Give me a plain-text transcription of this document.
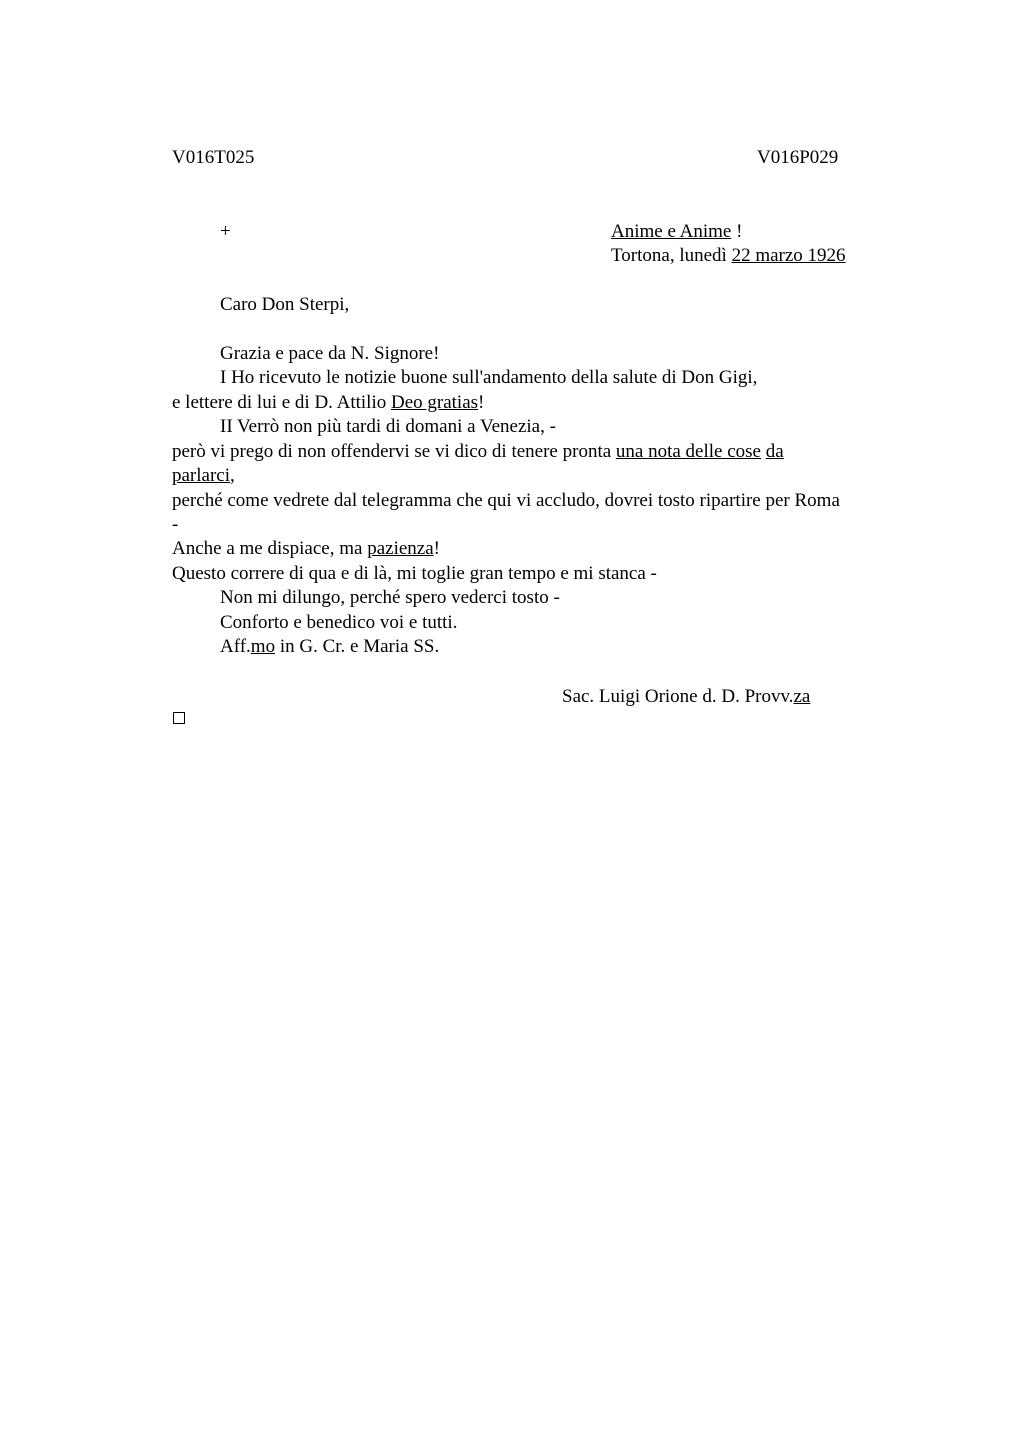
V016T025	V016P029
+	Anime e Anime !
Tortona, lunedì 22 marzo 1926
Caro Don Sterpi,
Grazia e pace da N. Signore!
I Ho ricevuto le notizie buone sull'andamento della salute di Don Gigi,
e lettere di lui e di D. Attilio Deo gratias!
II Verrò non più tardi di domani a Venezia, -
però vi prego di non offendervi se vi dico di tenere pronta una nota delle cose da
parlarci,
perché come vedrete dal telegramma che qui vi accludo, dovrei tosto ripartire per Roma
-
Anche a me dispiace, ma pazienza!
Questo correre di qua e di là, mi toglie gran tempo e mi stanca -
Non mi dilungo, perché spero vederci tosto -
Conforto e benedico voi e tutti.
Aff.mo in G. Cr. e Maria SS.
Sac. Luigi Orione d. D. Provv.za
